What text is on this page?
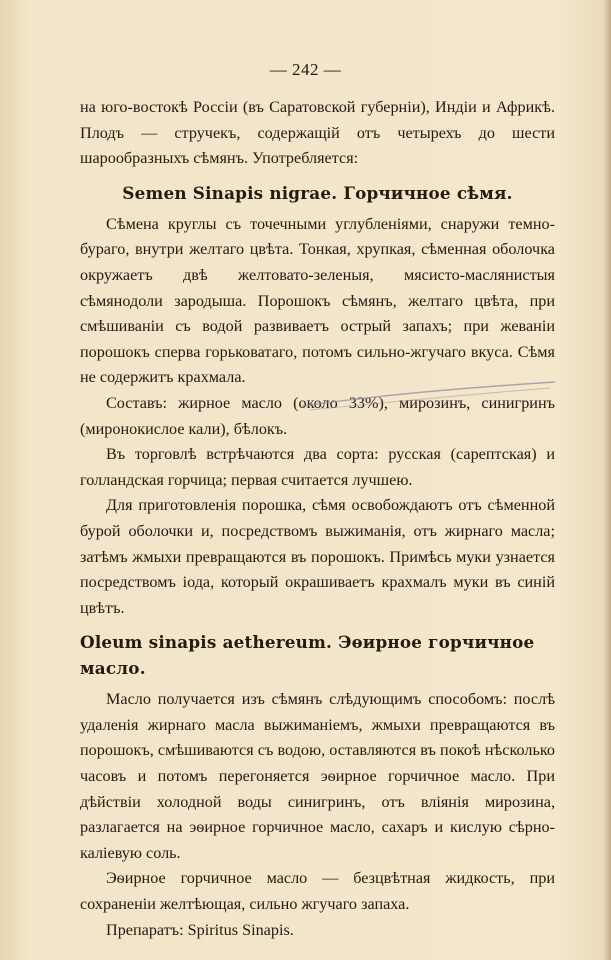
— 242 —

на юго-востокѣ Россіи (въ Саратовской губерніи), Индіи и Африкѣ. Плодъ — стручекъ, содержащій отъ четырехъ до шести шарообразныхъ сѣмянъ. Употребляется:

Semen Sinapis nigrae. Горчичное сѣмя.

Сѣмена круглы съ точечными углубленіями, снаружи темно-бураго, внутри желтаго цвѣта. Тонкая, хрупкая, сѣменная оболочка окружаетъ двѣ желтовато-зеленыя, мясисто-маслянистыя сѣмянодоли зародыша. Порошокъ сѣмянъ, желтаго цвѣта, при смѣшиваніи съ водой развиваетъ острый запахъ; при жеваніи порошокъ сперва горьковатаго, потомъ сильно-жгучаго вкуса. Сѣмя не содержитъ крахмала.

Составъ: жирное масло (около 33%), мирозинъ, синигринъ (миронокислое кали), бѣлокъ.

Въ торговлѣ встрѣчаются два сорта: русская (сарептская) и голландская горчица; первая считается лучшею.

Для приготовленія порошка, сѣмя освобождаютъ отъ сѣменной бурой оболочки и, посредствомъ выжиманія, отъ жирнаго масла; затѣмъ жмыхи превращаются въ порошокъ. Примѣсь муки узнается посредствомъ іода, который окрашиваетъ крахмалъ муки въ синій цвѣтъ.

Oleum sinapis aethereum. Эѳирное горчичное масло.

Масло получается изъ сѣмянъ слѣдующимъ способомъ: послѣ удаленія жирнаго масла выжиманіемъ, жмыхи превращаются въ порошокъ, смѣшиваются съ водою, оставляются въ покоѣ нѣсколько часовъ и потомъ перегоняется эѳирное горчичное масло. При дѣйствіи холодной воды синигринъ, отъ вліянія мирозина, разлагается на эѳирное горчичное масло, сахаръ и кислую сѣрно-каліевую соль.

Эѳирное горчичное масло — безцвѣтная жидкость, при сохраненіи желтѣющая, сильно жгучаго запаха.

Препаратъ: Spiritus Sinapis.
